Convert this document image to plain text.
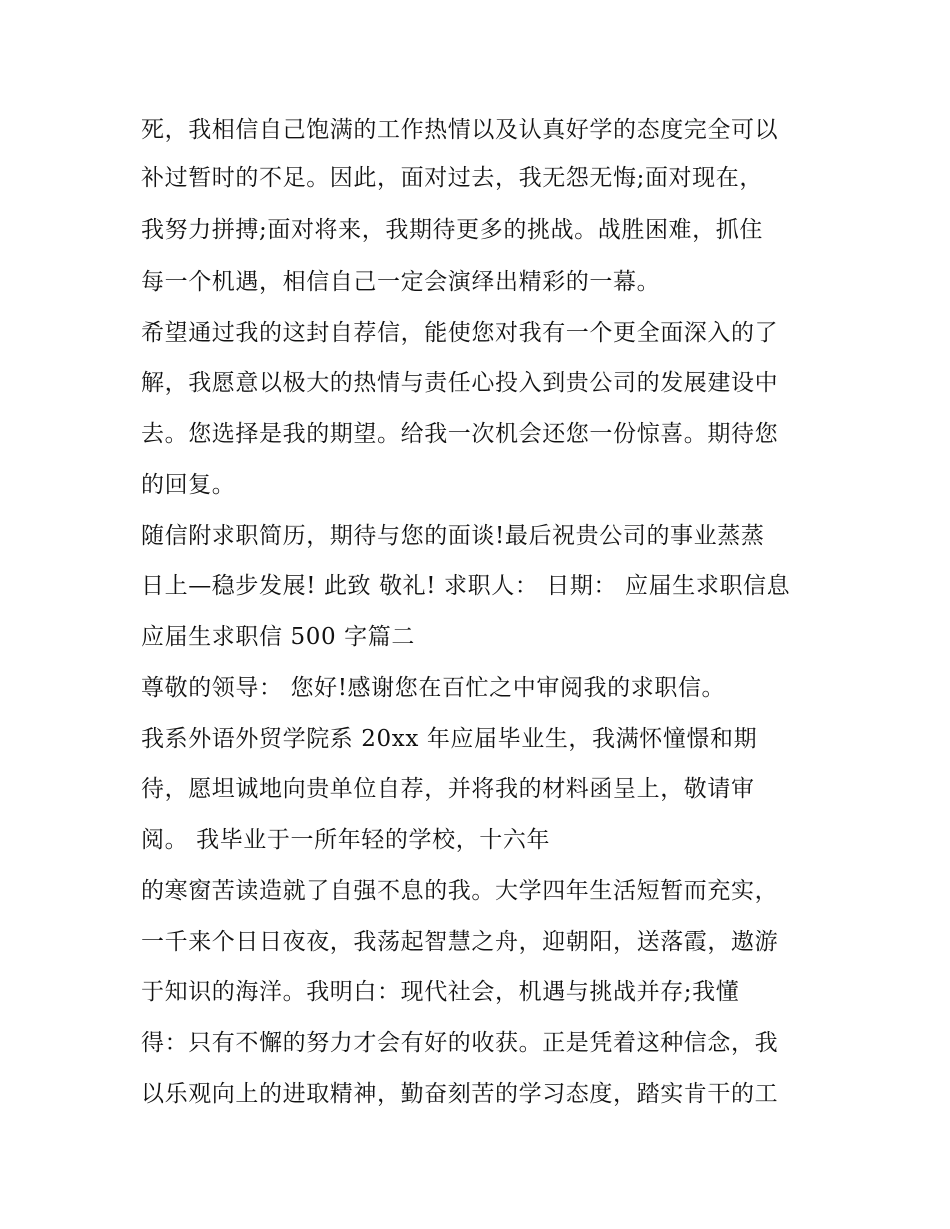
死，我相信自己饱满的工作热情以及认真好学的态度完全可以
补过暂时的不足。因此，面对过去，我无怨无悔;面对现在，
我努力拼搏;面对将来，我期待更多的挑战。战胜困难，抓住
每一个机遇，相信自己一定会演绎出精彩的一幕。
希望通过我的这封自荐信，能使您对我有一个更全面深入的了
解，我愿意以极大的热情与责任心投入到贵公司的发展建设中
去。您选择是我的期望。给我一次机会还您一份惊喜。期待您
的回复。
随信附求职简历，期待与您的面谈!最后祝贵公司的事业蒸蒸
日上—稳步发展! 此致 敬礼! 求职人： 日期： 应届生求职信息
应届生求职信 500 字篇二
尊敬的领导： 您好!感谢您在百忙之中审阅我的求职信。
我系外语外贸学院系 20xx 年应届毕业生，我满怀憧憬和期
待，愿坦诚地向贵单位自荐，并将我的材料函呈上，敬请审
阅。 我毕业于一所年轻的学校，十六年
的寒窗苦读造就了自强不息的我。大学四年生活短暂而充实，
一千来个日日夜夜，我荡起智慧之舟，迎朝阳，送落霞，遨游
于知识的海洋。我明白：现代社会，机遇与挑战并存;我懂
得：只有不懈的努力才会有好的收获。正是凭着这种信念，我
以乐观向上的进取精神，勤奋刻苦的学习态度，踏实肯干的工
